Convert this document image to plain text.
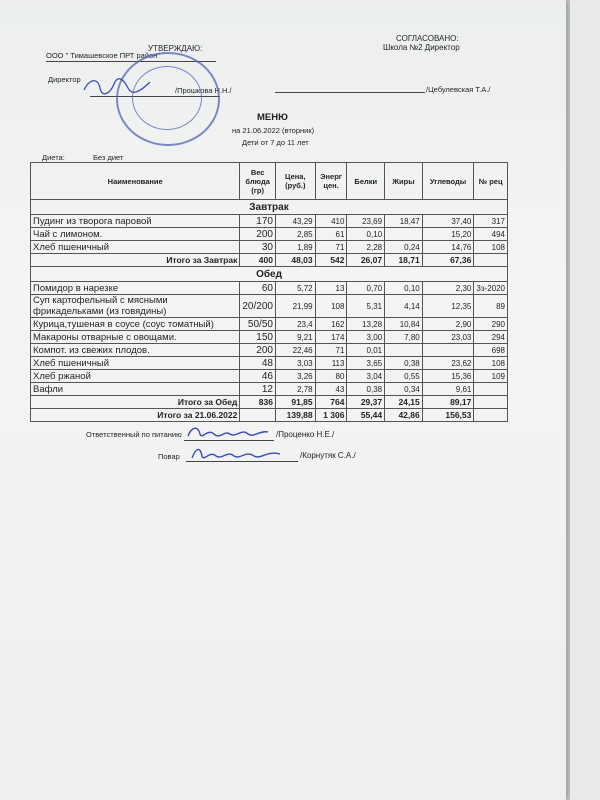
УТВЕРЖДАЮ:
ООО " Тимашевское ПРТ район"
Директор
/Прошкова Н.Н./
СОГЛАСОВАНО:
Школа №2 Директор
/Цебулевская Т.А./
МЕНЮ
на 21.06.2022 (вторник)
Дети от 7 до 11 лет
Диета:	Без диет
Наименование	Вес блюда (гр)	Цена, (руб.)	Энерг цен.	Белки	Жиры	Углеводы	№ рец
Завтрак							
Пудинг из творога паровой	170	43,29	410	23,69	18,47	37,40	317
Чай с лимоном.	200	2,85	61	0,10		15,20	494
Хлеб пшеничный	30	1,89	71	2,28	0,24	14,76	108
Итого за Завтрак	400	48,03	542	26,07	18,71	67,36	
Обед							
Помидор в нарезке	60	5,72	13	0,70	0,10	2,30	3з-2020
Суп картофельный с мясными фрикадельками (из говядины)	20/200	21,99	108	5,31	4,14	12,35	89
Курица,тушеная в соусе (соус томатный)	50/50	23,4	162	13,28	10,84	2,90	290
Макароны отварные с овощами.	150	9,21	174	3,00	7,80	23,03	294
Компот. из свежих плодов.	200	22,46	71	0,01			698
Хлеб пшеничный	48	3,03	113	3,65	0,38	23,62	108
Хлеб ржаной	46	3,26	80	3,04	0,55	15,36	109
Вафли	12	2,78	43	0,38	0,34	9,61	
Итого за Обед	836	91,85	764	29,37	24,15	89,17	
Итого за 21.06.2022		139,88	1 306	55,44	42,86	156,53	
Ответственный по питанию	/Проценко Н.Е./
Повар	/Корнутяк С.А./
